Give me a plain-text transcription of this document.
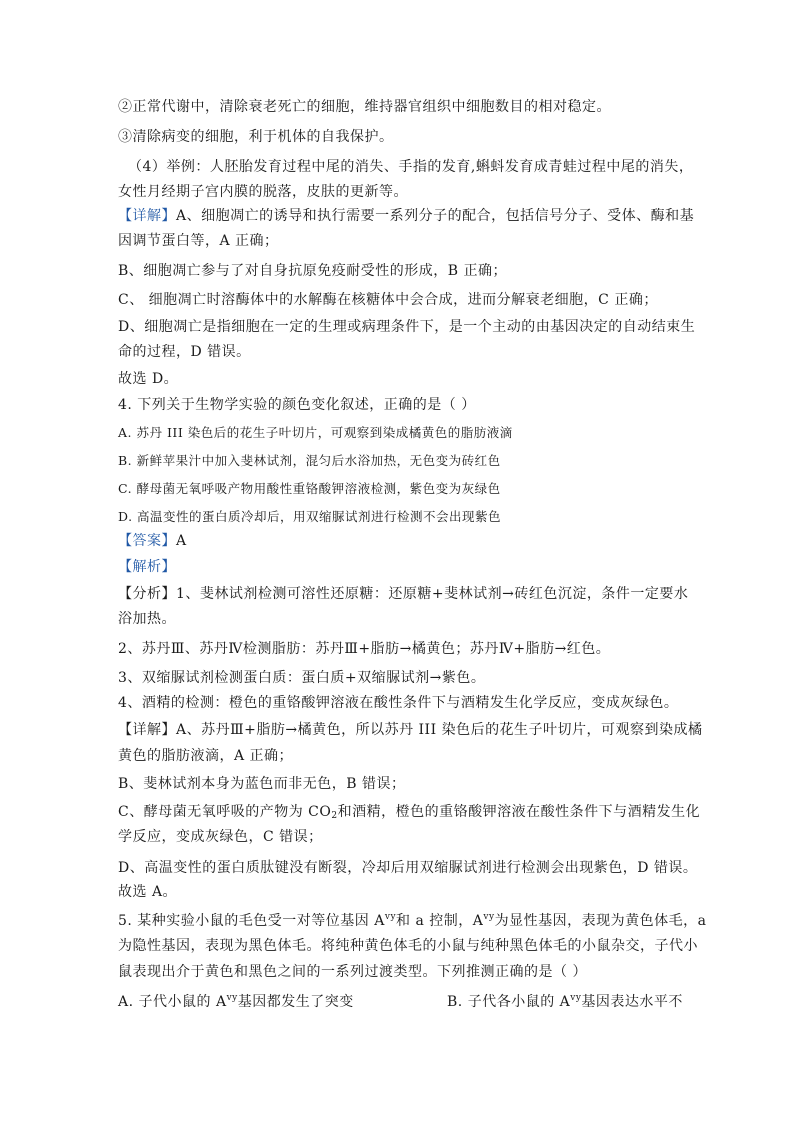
②正常代谢中，清除衰老死亡的细胞，维持器官组织中细胞数目的相对稳定。
③清除病变的细胞，利于机体的自我保护。
（4）举例：人胚胎发育过程中尾的消失、手指的发育,蝌蚪发育成青蛙过程中尾的消失，
女性月经期子宫内膜的脱落，皮肤的更新等。
【详解】A、细胞凋亡的诱导和执行需要一系列分子的配合，包括信号分子、受体、酶和基
因调节蛋白等，A 正确；
B、细胞凋亡参与了对自身抗原免疫耐受性的形成，B 正确；
C、 细胞凋亡时溶酶体中的水解酶在核糖体中会合成，进而分解衰老细胞，C 正确；
D、细胞凋亡是指细胞在一定的生理或病理条件下，是一个主动的由基因决定的自动结束生
命的过程，D 错误。
故选 D。
4. 下列关于生物学实验的颜色变化叙述，正确的是（ ）
A. 苏丹 III 染色后的花生子叶切片，可观察到染成橘黄色的脂肪液滴
B. 新鲜苹果汁中加入斐林试剂，混匀后水浴加热，无色变为砖红色
C. 酵母菌无氧呼吸产物用酸性重铬酸钾溶液检测，紫色变为灰绿色
D. 高温变性的蛋白质冷却后，用双缩脲试剂进行检测不会出现紫色
【答案】A
【解析】
【分析】1、斐林试剂检测可溶性还原糖：还原糖+斐林试剂→砖红色沉淀，条件一定要水
浴加热。
2、苏丹Ⅲ、苏丹Ⅳ检测脂肪：苏丹Ⅲ+脂肪→橘黄色；苏丹Ⅳ+脂肪→红色。
3、双缩脲试剂检测蛋白质：蛋白质+双缩脲试剂→紫色。
4、酒精的检测：橙色的重铬酸钾溶液在酸性条件下与酒精发生化学反应，变成灰绿色。
【详解】A、苏丹Ⅲ+脂肪→橘黄色，所以苏丹 III 染色后的花生子叶切片，可观察到染成橘
黄色的脂肪液滴，A 正确；
B、斐林试剂本身为蓝色而非无色，B 错误；
C、酵母菌无氧呼吸的产物为 $CO_2$和酒精，橙色的重铬酸钾溶液在酸性条件下与酒精发生化
学反应，变成灰绿色，C 错误；
D、高温变性的蛋白质肽键没有断裂，冷却后用双缩脲试剂进行检测会出现紫色，D 错误。
故选 A。
5. 某种实验小鼠的毛色受一对等位基因 $A^{vy}$和 a 控制，$A^{vy}$为显性基因，表现为黄色体毛，a
为隐性基因，表现为黑色体毛。将纯种黄色体毛的小鼠与纯种黑色体毛的小鼠杂交，子代小
鼠表现出介于黄色和黑色之间的一系列过渡类型。下列推测正确的是（ ）
A. 子代小鼠的 $A^{vy}$基因都发生了突变	B. 子代各小鼠的 $A^{vy}$基因表达水平不
